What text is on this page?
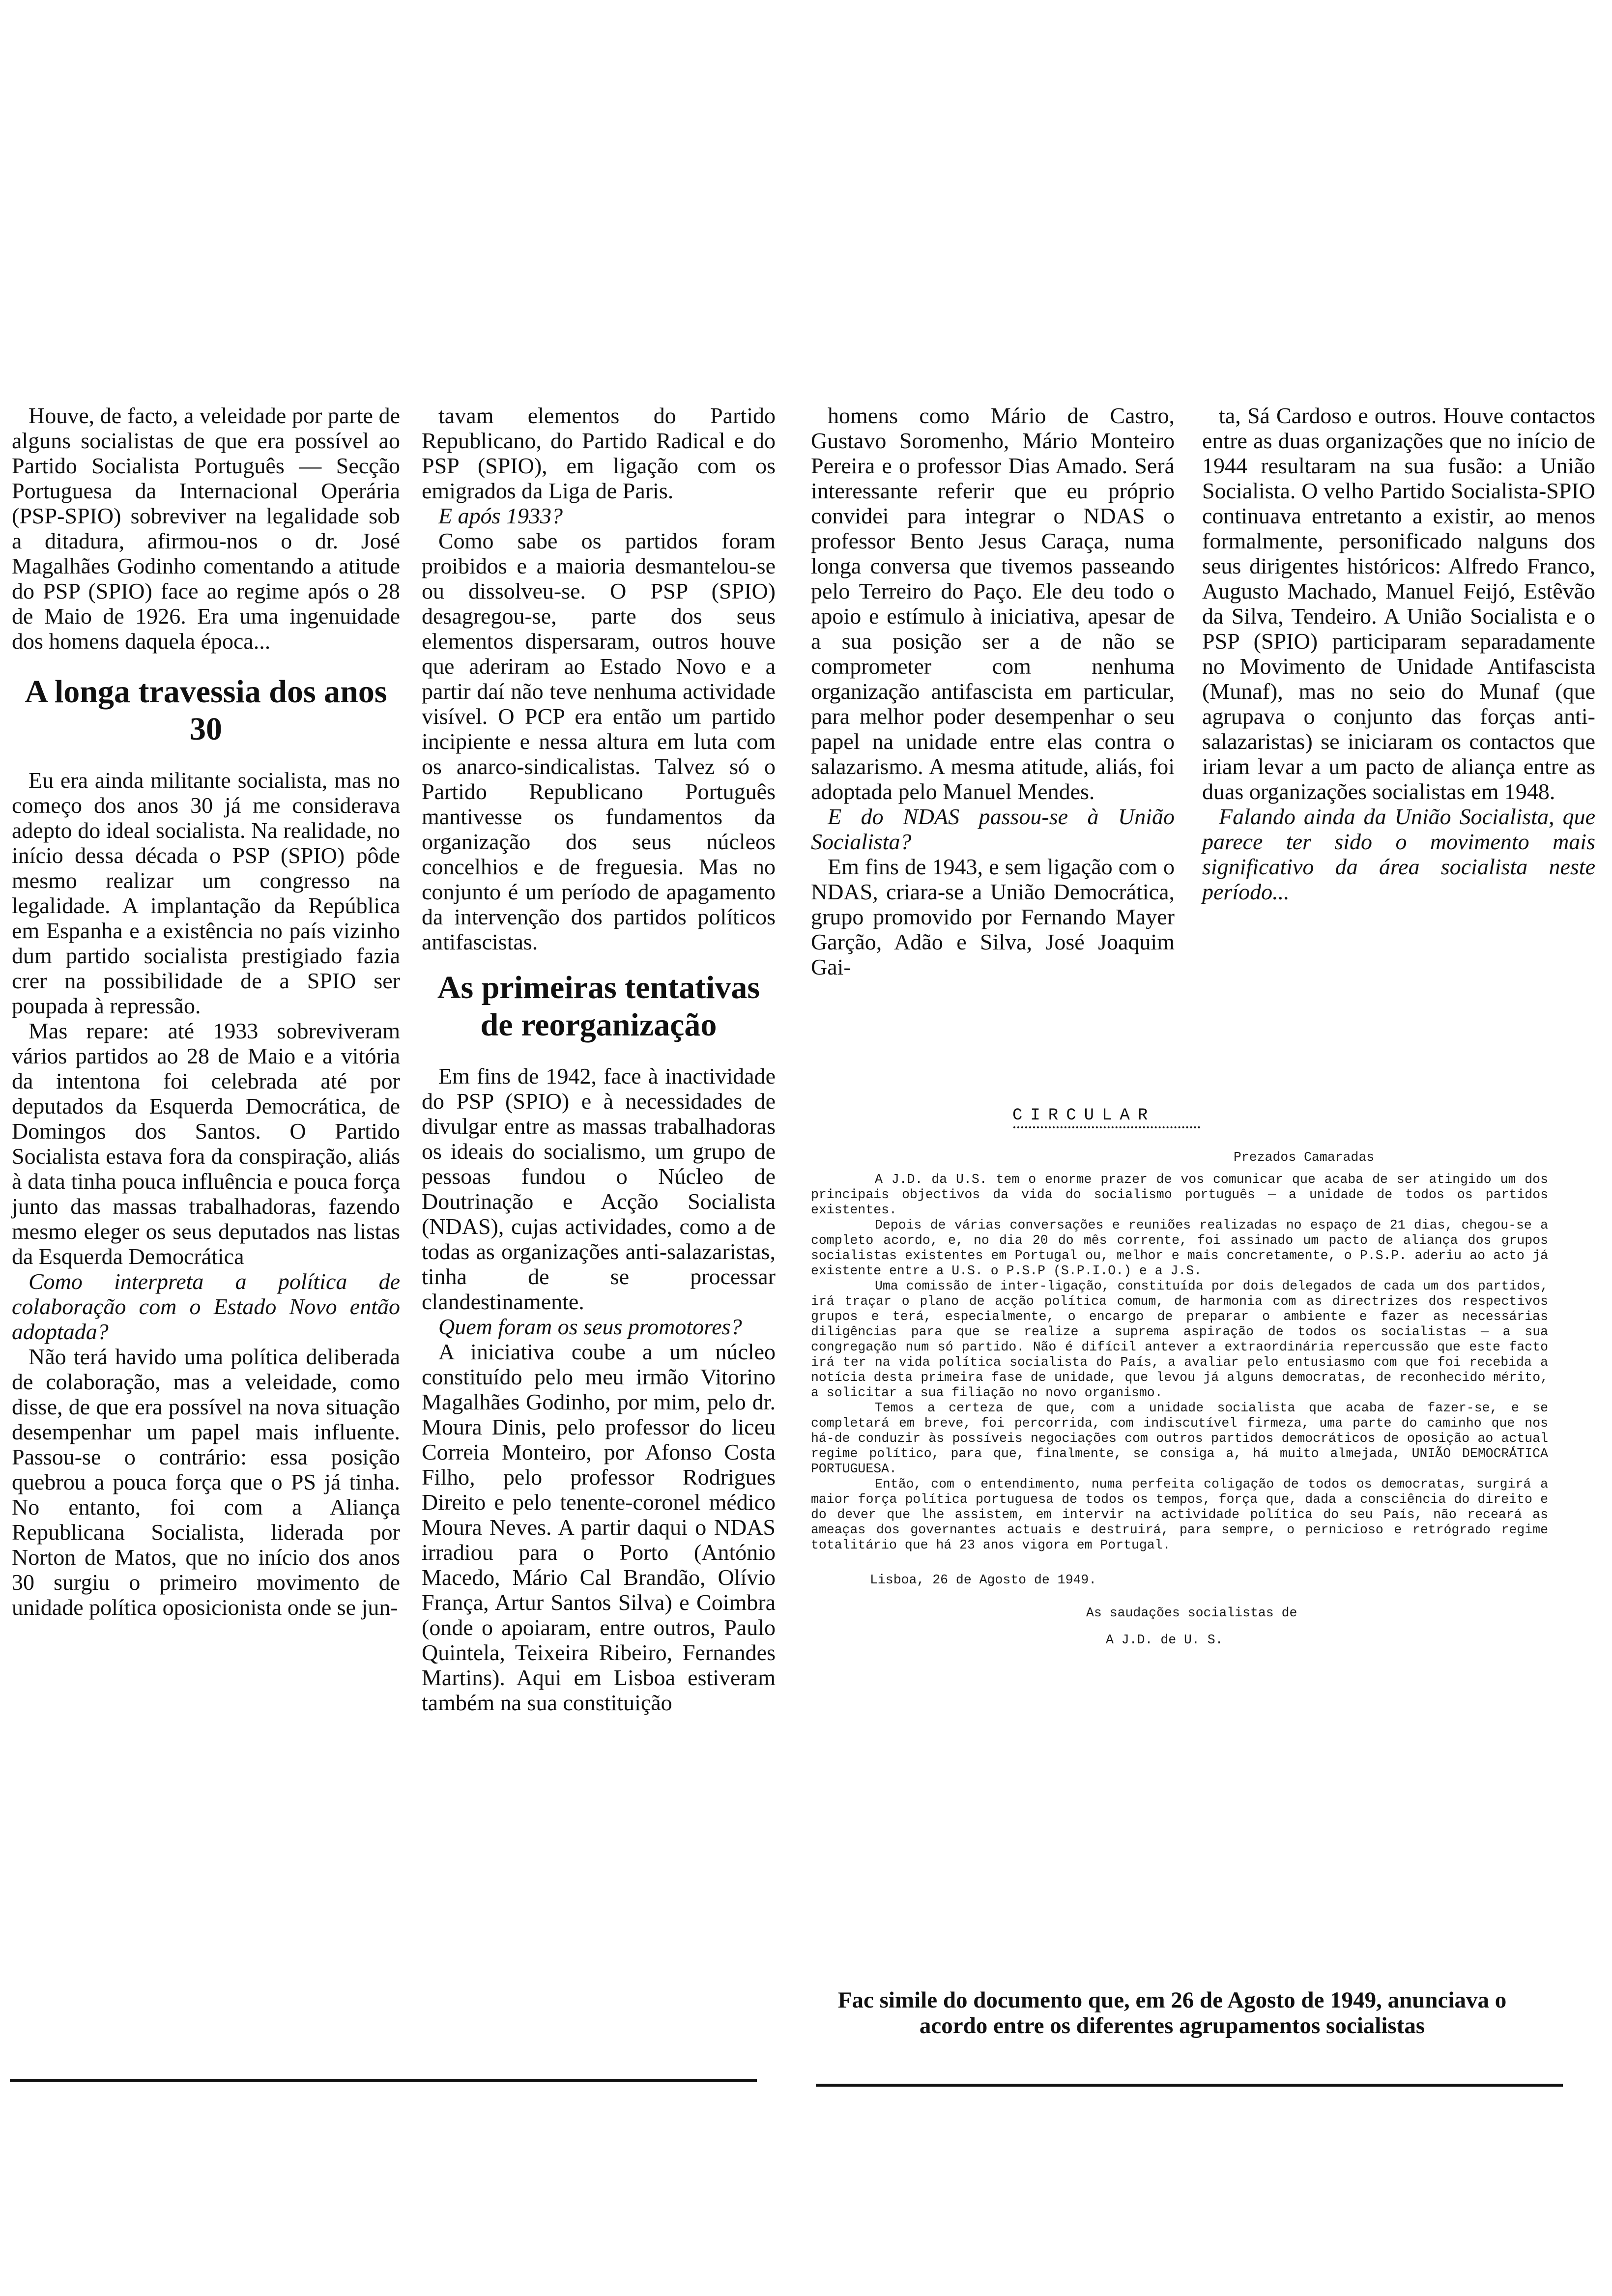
Houve, de facto, a veleidade por parte de alguns socialistas de que era possível ao Partido Socialista Português — Secção Portuguesa da Internacional Operária (PSP-SPIO) sobreviver na legalidade sob a ditadura, afirmou-nos o dr. José Magalhães Godinho comentando a atitude do PSP (SPIO) face ao regime após o 28 de Maio de 1926. Era uma ingenuidade dos homens daquela época...

A longa travessia dos anos 30

Eu era ainda militante socialista, mas no começo dos anos 30 já me considerava adepto do ideal socialista. Na realidade, no início dessa década o PSP (SPIO) pôde mesmo realizar um congresso na legalidade. A implantação da República em Espanha e a existência no país vizinho dum partido socialista prestigiado fazia crer na possibilidade de a SPIO ser poupada à repressão.

Mas repare: até 1933 sobreviveram vários partidos ao 28 de Maio e a vitória da intentona foi celebrada até por deputados da Esquerda Democrática, de Domingos dos Santos. O Partido Socialista estava fora da conspiração, aliás à data tinha pouca influência e pouca força junto das massas trabalhadoras, fazendo mesmo eleger os seus deputados nas listas da Esquerda Democrática

Como interpreta a política de colaboração com o Estado Novo então adoptada?

Não terá havido uma política deliberada de colaboração, mas a veleidade, como disse, de que era possível na nova situação desempenhar um papel mais influente. Passou-se o contrário: essa posição quebrou a pouca força que o PS já tinha. No entanto, foi com a Aliança Republicana Socialista, liderada por Norton de Matos, que no início dos anos 30 surgiu o primeiro movimento de unidade política oposicionista onde se jun-

tavam elementos do Partido Republicano, do Partido Radical e do PSP (SPIO), em ligação com os emigrados da Liga de Paris.

E após 1933?

Como sabe os partidos foram proibidos e a maioria desmantelou-se ou dissolveu-se. O PSP (SPIO) desagregou-se, parte dos seus elementos dispersaram, outros houve que aderiram ao Estado Novo e a partir daí não teve nenhuma actividade visível. O PCP era então um partido incipiente e nessa altura em luta com os anarco-sindicalistas. Talvez só o Partido Republicano Português mantivesse os fundamentos da organização dos seus núcleos concelhios e de freguesia. Mas no conjunto é um período de apagamento da intervenção dos partidos políticos antifascistas.

As primeiras tentativas de reorganização

Em fins de 1942, face à inactividade do PSP (SPIO) e à necessidades de divulgar entre as massas trabalhadoras os ideais do socialismo, um grupo de pessoas fundou o Núcleo de Doutrinação e Acção Socialista (NDAS), cujas actividades, como a de todas as organizações anti-salazaristas, tinha de se processar clandestinamente.

Quem foram os seus promotores?

A iniciativa coube a um núcleo constituído pelo meu irmão Vitorino Magalhães Godinho, por mim, pelo dr. Moura Dinis, pelo professor do liceu Correia Monteiro, por Afonso Costa Filho, pelo professor Rodrigues Direito e pelo tenente-coronel médico Moura Neves. A partir daqui o NDAS irradiou para o Porto (António Macedo, Mário Cal Brandão, Olívio França, Artur Santos Silva) e Coimbra (onde o apoiaram, entre outros, Paulo Quintela, Teixeira Ribeiro, Fernandes Martins). Aqui em Lisboa estiveram também na sua constituição

homens como Mário de Castro, Gustavo Soromenho, Mário Monteiro Pereira e o professor Dias Amado. Será interessante referir que eu próprio convidei para integrar o NDAS o professor Bento Jesus Caraça, numa longa conversa que tivemos passeando pelo Terreiro do Paço. Ele deu todo o apoio e estímulo à iniciativa, apesar de a sua posição ser a de não se comprometer com nenhuma organização antifascista em particular, para melhor poder desempenhar o seu papel na unidade entre elas contra o salazarismo. A mesma atitude, aliás, foi adoptada pelo Manuel Mendes.

E do NDAS passou-se à União Socialista?

Em fins de 1943, e sem ligação com o NDAS, criara-se a União Democrática, grupo promovido por Fernando Mayer Garção, Adão e Silva, José Joaquim Gai-

ta, Sá Cardoso e outros. Houve contactos entre as duas organizações que no início de 1944 resultaram na sua fusão: a União Socialista. O velho Partido Socialista-SPIO continuava entretanto a existir, ao menos formalmente, personificado nalguns dos seus dirigentes históricos: Alfredo Franco, Augusto Machado, Manuel Feijó, Estêvão da Silva, Tendeiro. A União Socialista e o PSP (SPIO) participaram separadamente no Movimento de Unidade Antifascista (Munaf), mas no seio do Munaf (que agrupava o conjunto das forças anti-salazaristas) se iniciaram os contactos que iriam levar a um pacto de aliança entre as duas organizações socialistas em 1948.

Falando ainda da União Socialista, que parece ter sido o movimento mais significativo da área socialista neste período...

CIRCULAR

Prezados Camaradas

A J.D. da U.S. tem o enorme prazer de vos comunicar que acaba de ser atingido um dos principais objectivos da vida do socialismo português — a unidade de todos os partidos existentes.

Depois de várias conversações e reuniões realizadas no espaço de 21 dias, chegou-se a completo acordo, e, no dia 20 do mês corrente, foi assinado um pacto de aliança dos grupos socialistas existentes em Portugal ou, melhor e mais concretamente, o P.S.P. aderiu ao acto já existente entre a U.S. o P.S.P (S.P.I.O.) e a J.S.

Uma comissão de inter-ligação, constituída por dois delegados de cada um dos partidos, irá traçar o plano de acção política comum, de harmonia com as directrizes dos respectivos grupos e terá, especialmente, o encargo de preparar o ambiente e fazer as necessárias diligências para que se realize a suprema aspiração de todos os socialistas — a sua congregação num só partido. Não é difícil antever a extraordinária repercussão que este facto irá ter na vida política socialista do País, a avaliar pelo entusiasmo com que foi recebida a notícia desta primeira fase de unidade, que levou já alguns democratas, de reconhecido mérito, a solicitar a sua filiação no novo organismo.

Temos a certeza de que, com a unidade socialista que acaba de fazer-se, e se completará em breve, foi percorrida, com indiscutível firmeza, uma parte do caminho que nos há-de conduzir às possíveis negociações com outros partidos democráticos de oposição ao actual regime político, para que, finalmente, se consiga a, há muito almejada, UNIÃO DEMOCRÁTICA PORTUGUESA.

Então, com o entendimento, numa perfeita coligação de todos os democratas, surgirá a maior força política portuguesa de todos os tempos, força que, dada a consciência do direito e do dever que lhe assistem, em intervir na actividade política do seu País, não receará as ameaças dos governantes actuais e destruirá, para sempre, o pernicioso e retrógrado regime totalitário que há 23 anos vigora em Portugal.

Lisboa, 26 de Agosto de 1949.

As saudações socialistas de

A J.D. de U. S.

Fac simile do documento que, em 26 de Agosto de 1949, anunciava o acordo entre os diferentes agrupamentos socialistas
